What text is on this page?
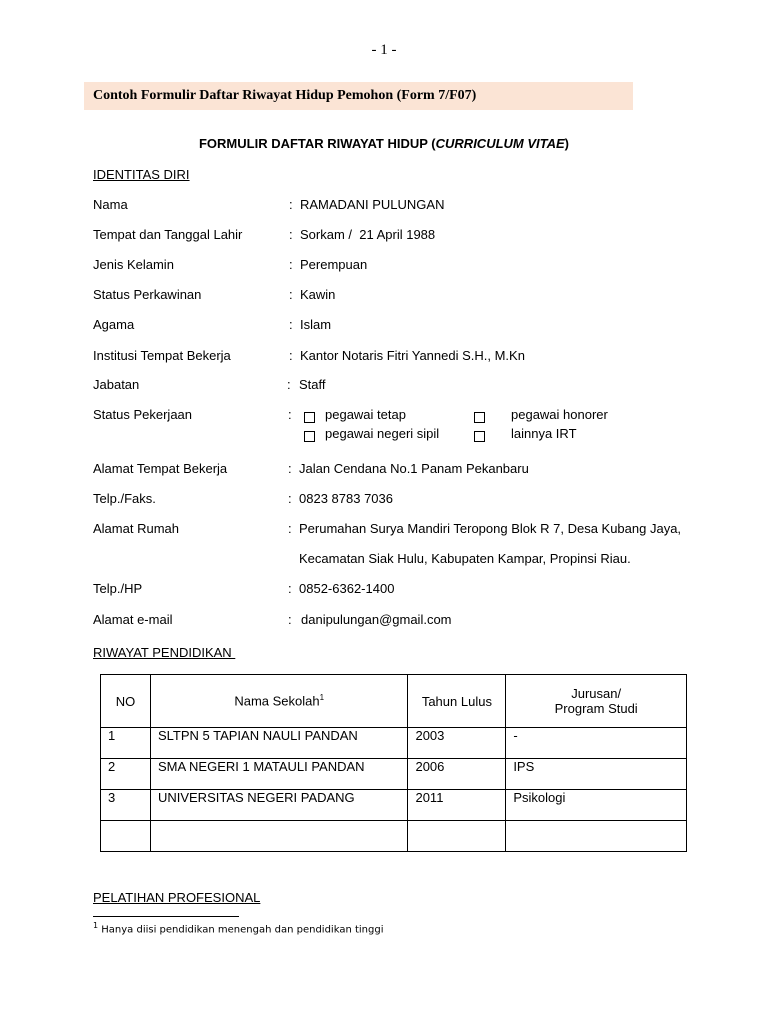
- 1 -
Contoh Formulir Daftar Riwayat Hidup Pemohon (Form 7/F07)
FORMULIR DAFTAR RIWAYAT HIDUP (CURRICULUM VITAE)
IDENTITAS DIRI
Nama	: RAMADANI PULUNGAN
Tempat dan Tanggal Lahir	: Sorkam /  21 April 1988
Jenis Kelamin	: Perempuan
Status Perkawinan	: Kawin
Agama	: Islam
Institusi Tempat Bekerja	: Kantor Notaris Fitri Yannedi S.H., M.Kn
Jabatan	: Staff
Status Pekerjaan	:	pegawai tetap	pegawai honorer
pegawai negeri sipil	lainnya IRT
Alamat Tempat Bekerja	: Jalan Cendana No.1 Panam Pekanbaru
Telp./Faks.	: 0823 8783 7036
Alamat Rumah	: Perumahan Surya Mandiri Teropong Blok R 7, Desa Kubang Jaya,
Kecamatan Siak Hulu, Kabupaten Kampar, Propinsi Riau.
Telp./HP	: 0852-6362-1400
Alamat e-mail	: danipulungan@gmail.com
RIWAYAT PENDIDIKAN
NO	Nama Sekolah$^1$	Tahun Lulus	Jurusan/
Program Studi
1	SLTPN 5 TAPIAN NAULI PANDAN	2003	-
2	SMA NEGERI 1 MATAULI PANDAN	2006	IPS
3	UNIVERSITAS NEGERI PADANG	2011	Psikologi

PELATIHAN PROFESIONAL
$^1$ Hanya diisi pendidikan menengah dan pendidikan tinggi
